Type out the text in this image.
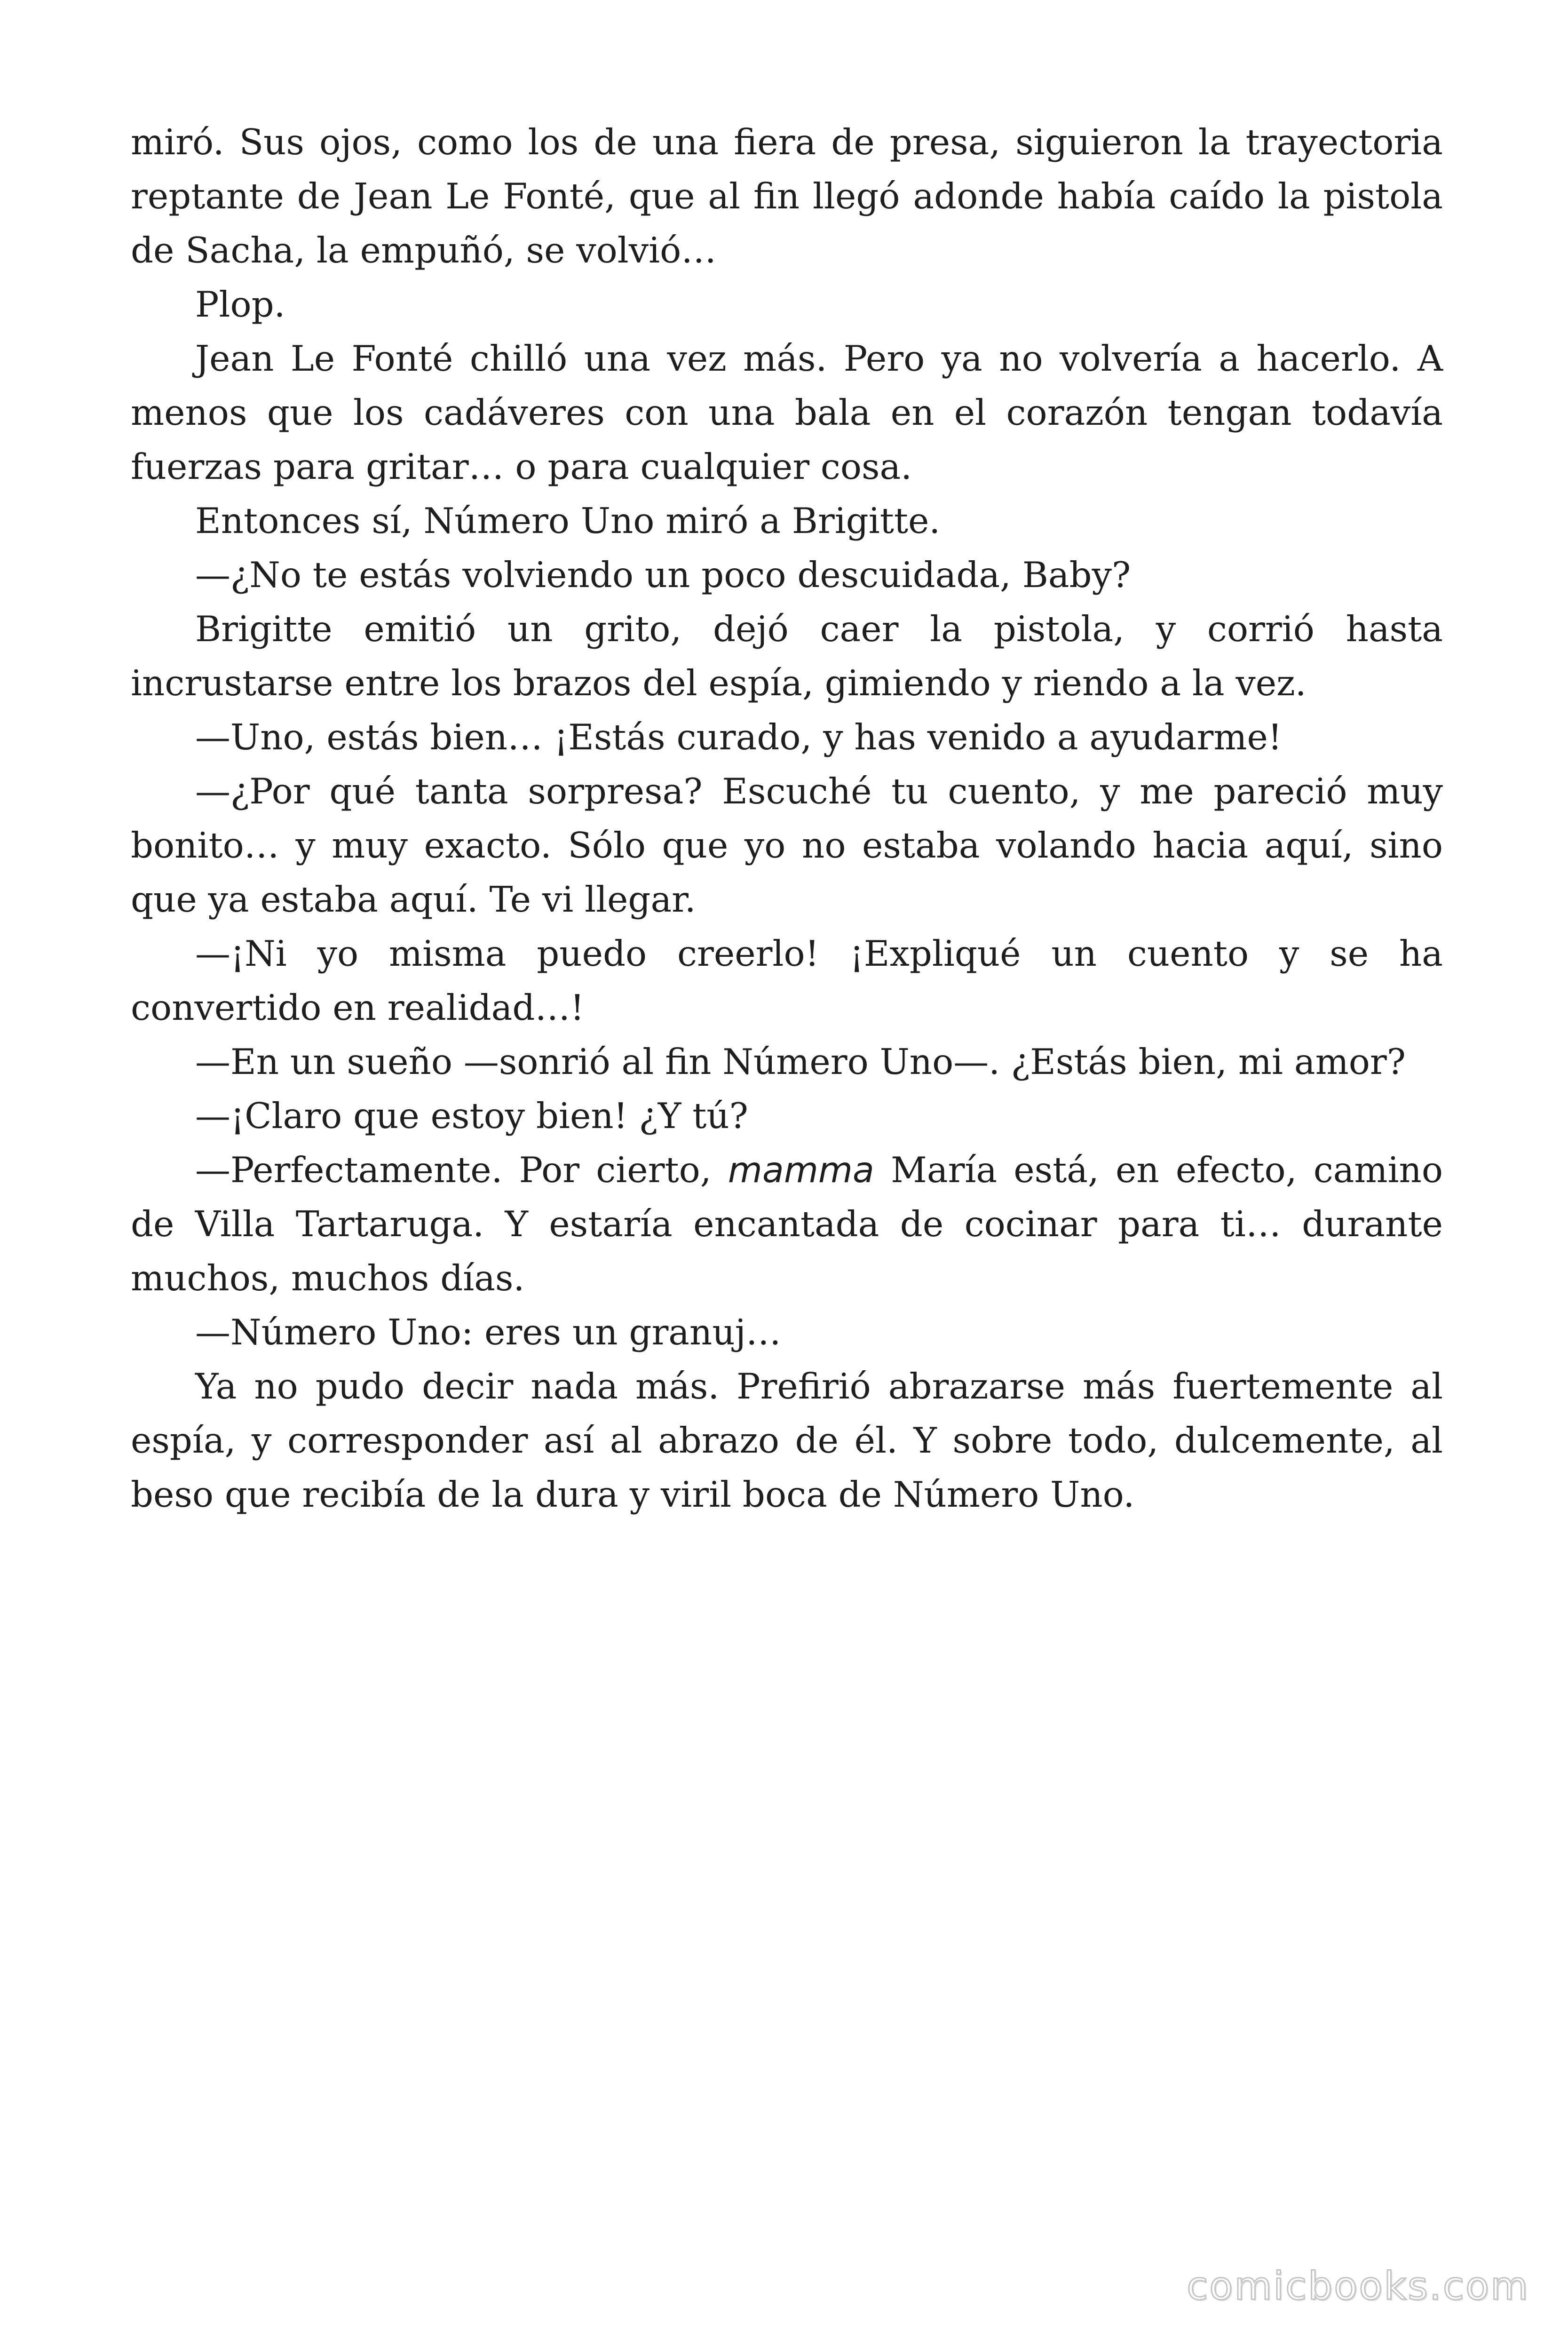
miró. Sus ojos, como los de una fiera de presa, siguieron la trayectoria reptante de Jean Le Fonté, que al fin llegó adonde había caído la pistola de Sacha, la empuñó, se volvió…

Plop.

Jean Le Fonté chilló una vez más. Pero ya no volvería a hacerlo. A menos que los cadáveres con una bala en el corazón tengan todavía fuerzas para gritar… o para cualquier cosa.

Entonces sí, Número Uno miró a Brigitte.

—¿No te estás volviendo un poco descuidada, Baby?

Brigitte emitió un grito, dejó caer la pistola, y corrió hasta incrustarse entre los brazos del espía, gimiendo y riendo a la vez.

—Uno, estás bien… ¡Estás curado, y has venido a ayudarme!

—¿Por qué tanta sorpresa? Escuché tu cuento, y me pareció muy bonito… y muy exacto. Sólo que yo no estaba volando hacia aquí, sino que ya estaba aquí. Te vi llegar.

—¡Ni yo misma puedo creerlo! ¡Expliqué un cuento y se ha convertido en realidad…!

—En un sueño —sonrió al fin Número Uno—. ¿Estás bien, mi amor?

—¡Claro que estoy bien! ¿Y tú?

—Perfectamente. Por cierto, mamma María está, en efecto, camino de Villa Tartaruga. Y estaría encantada de cocinar para ti… durante muchos, muchos días.

—Número Uno: eres un granuj…

Ya no pudo decir nada más. Prefirió abrazarse más fuertemente al espía, y corresponder así al abrazo de él. Y sobre todo, dulcemente, al beso que recibía de la dura y viril boca de Número Uno.

comicbooks.com
